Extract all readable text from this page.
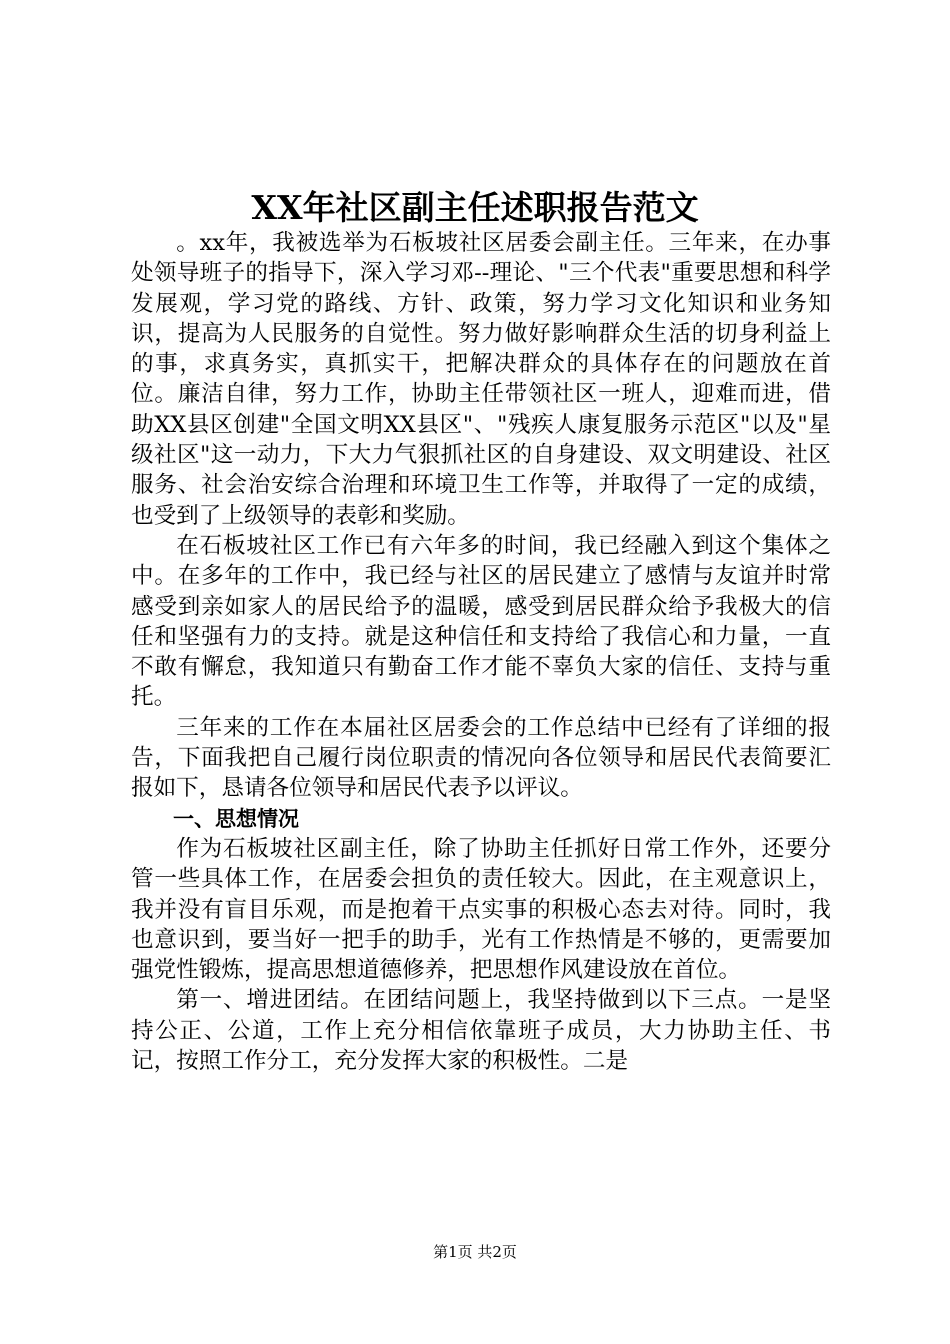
XX年社区副主任述职报告范文

。xx年，我被选举为石板坡社区居委会副主任。三年来，在办事处领导班子的指导下，深入学习邓--理论、"三个代表"重要思想和科学发展观，学习党的路线、方针、政策，努力学习文化知识和业务知识，提高为人民服务的自觉性。努力做好影响群众生活的切身利益上的事，求真务实，真抓实干，把解决群众的具体存在的问题放在首位。廉洁自律，努力工作，协助主任带领社区一班人，迎难而进，借助XX县区创建"全国文明XX县区"、"残疾人康复服务示范区"以及"星级社区"这一动力，下大力气狠抓社区的自身建设、双文明建设、社区服务、社会治安综合治理和环境卫生工作等，并取得了一定的成绩，也受到了上级领导的表彰和奖励。

在石板坡社区工作已有六年多的时间，我已经融入到这个集体之中。在多年的工作中，我已经与社区的居民建立了感情与友谊并时常感受到亲如家人的居民给予的温暖，感受到居民群众给予我极大的信任和坚强有力的支持。就是这种信任和支持给了我信心和力量，一直不敢有懈怠，我知道只有勤奋工作才能不辜负大家的信任、支持与重托。

三年来的工作在本届社区居委会的工作总结中已经有了详细的报告，下面我把自己履行岗位职责的情况向各位领导和居民代表简要汇报如下，恳请各位领导和居民代表予以评议。

一、思想情况

作为石板坡社区副主任，除了协助主任抓好日常工作外，还要分管一些具体工作，在居委会担负的责任较大。因此，在主观意识上，我并没有盲目乐观，而是抱着干点实事的积极心态去对待。同时，我也意识到，要当好一把手的助手，光有工作热情是不够的，更需要加强党性锻炼，提高思想道德修养，把思想作风建设放在首位。

第一、增进团结。在团结问题上，我坚持做到以下三点。一是坚持公正、公道，工作上充分相信依靠班子成员，大力协助主任、书记，按照工作分工，充分发挥大家的积极性。二是

第1页 共2页
